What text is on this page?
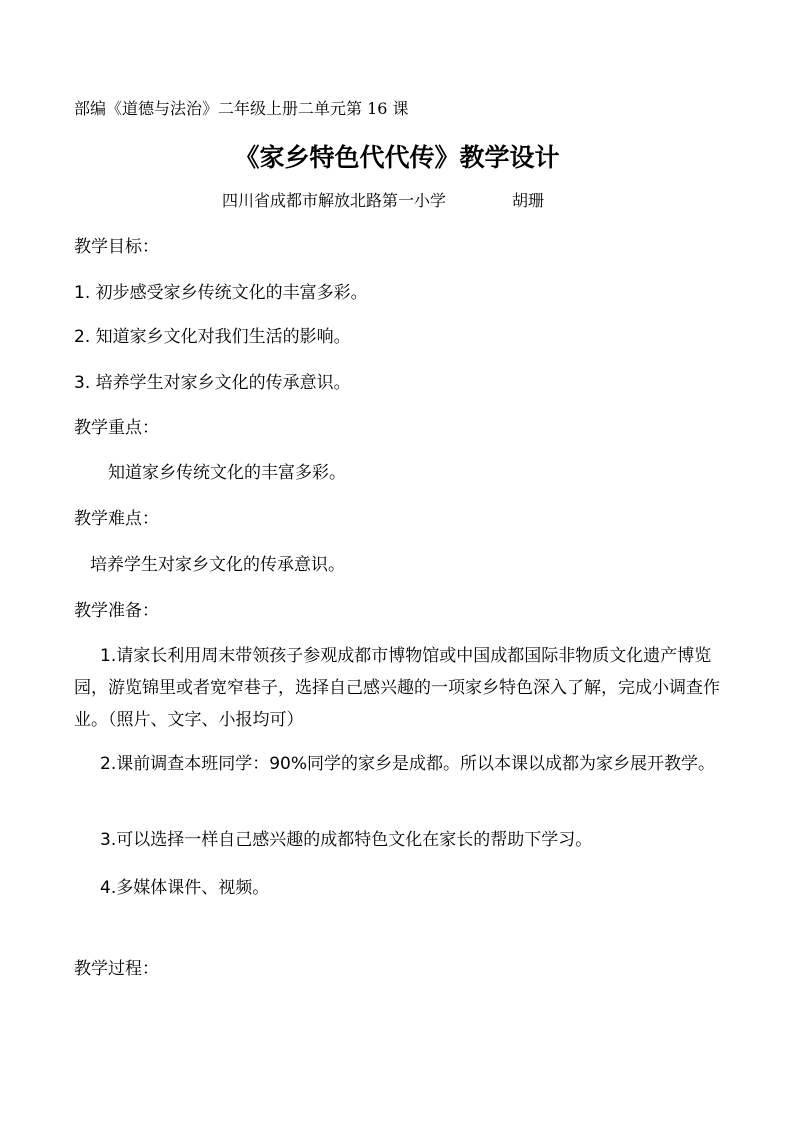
部编《道德与法治》二年级上册二单元第 16 课
《家乡特色代代传》教学设计
四川省成都市解放北路第一小学	胡珊
教学目标：
1. 初步感受家乡传统文化的丰富多彩。
2. 知道家乡文化对我们生活的影响。
3. 培养学生对家乡文化的传承意识。
教学重点：
知道家乡传统文化的丰富多彩。
教学难点：
培养学生对家乡文化的传承意识。
教学准备：
1.请家长利用周末带领孩子参观成都市博物馆或中国成都国际非物质文化遗产博览园，游览锦里或者宽窄巷子，选择自己感兴趣的一项家乡特色深入了解，完成小调查作业。（照片、文字、小报均可）
2.课前调查本班同学：90%同学的家乡是成都。所以本课以成都为家乡展开教学。
3.可以选择一样自己感兴趣的成都特色文化在家长的帮助下学习。
4.多媒体课件、视频。
教学过程：
